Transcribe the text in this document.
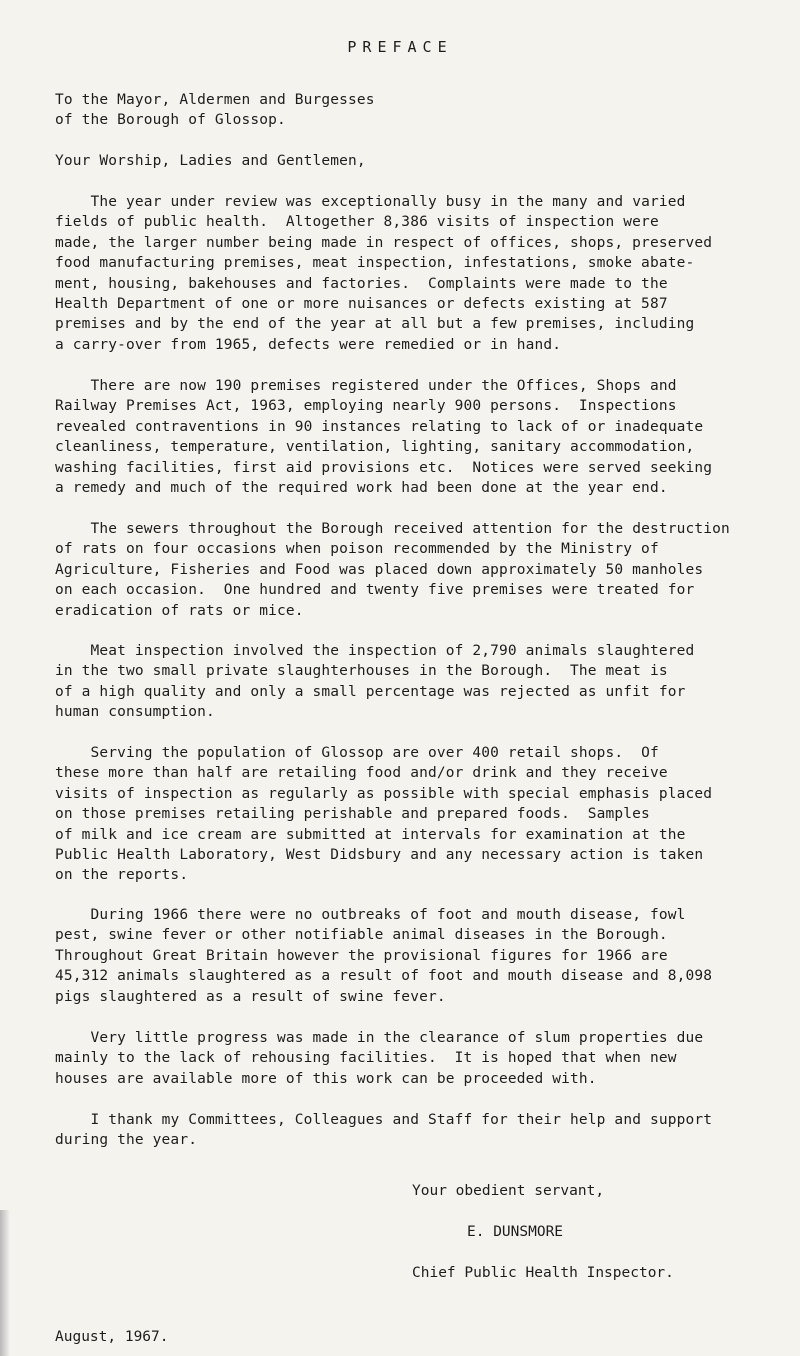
PREFACE
To the Mayor, Aldermen and Burgesses
of the Borough of Glossop.
Your Worship, Ladies and Gentlemen,
The year under review was exceptionally busy in the many and varied
fields of public health.  Altogether 8,386 visits of inspection were
made, the larger number being made in respect of offices, shops, preserved
food manufacturing premises, meat inspection, infestations, smoke abate-
ment, housing, bakehouses and factories.  Complaints were made to the
Health Department of one or more nuisances or defects existing at 587
premises and by the end of the year at all but a few premises, including
a carry-over from 1965, defects were remedied or in hand.
There are now 190 premises registered under the Offices, Shops and
Railway Premises Act, 1963, employing nearly 900 persons.  Inspections
revealed contraventions in 90 instances relating to lack of or inadequate
cleanliness, temperature, ventilation, lighting, sanitary accommodation,
washing facilities, first aid provisions etc.  Notices were served seeking
a remedy and much of the required work had been done at the year end.
The sewers throughout the Borough received attention for the destruction
of rats on four occasions when poison recommended by the Ministry of
Agriculture, Fisheries and Food was placed down approximately 50 manholes
on each occasion.  One hundred and twenty five premises were treated for
eradication of rats or mice.
Meat inspection involved the inspection of 2,790 animals slaughtered
in the two small private slaughterhouses in the Borough.  The meat is
of a high quality and only a small percentage was rejected as unfit for
human consumption.
Serving the population of Glossop are over 400 retail shops.  Of
these more than half are retailing food and/or drink and they receive
visits of inspection as regularly as possible with special emphasis placed
on those premises retailing perishable and prepared foods.  Samples
of milk and ice cream are submitted at intervals for examination at the
Public Health Laboratory, West Didsbury and any necessary action is taken
on the reports.
During 1966 there were no outbreaks of foot and mouth disease, fowl
pest, swine fever or other notifiable animal diseases in the Borough.
Throughout Great Britain however the provisional figures for 1966 are
45,312 animals slaughtered as a result of foot and mouth disease and 8,098
pigs slaughtered as a result of swine fever.
Very little progress was made in the clearance of slum properties due
mainly to the lack of rehousing facilities.  It is hoped that when new
houses are available more of this work can be proceeded with.
I thank my Committees, Colleagues and Staff for their help and support
during the year.
Your obedient servant,
E. DUNSMORE
Chief Public Health Inspector.
August, 1967.
